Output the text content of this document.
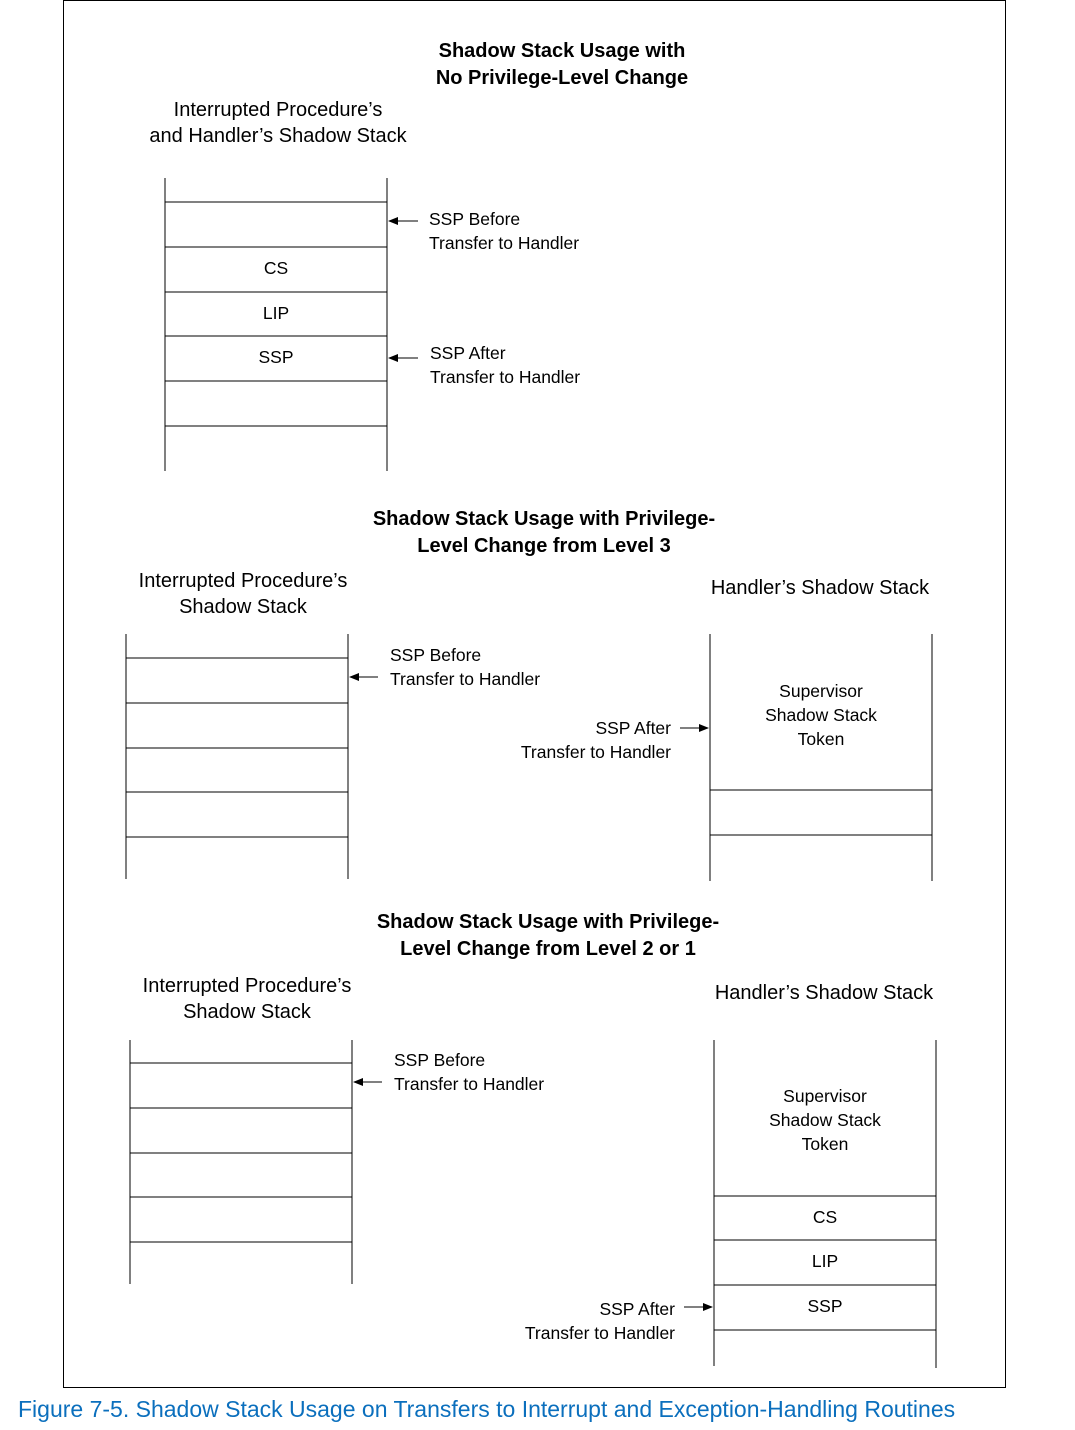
Shadow Stack Usage with
No Privilege-Level Change
Interrupted Procedure’s
and Handler’s Shadow Stack
CS
LIP
SSP
SSP Before
Transfer to Handler
SSP After
Transfer to Handler
Shadow Stack Usage with Privilege-
Level Change from Level 3
Interrupted Procedure’s
Shadow Stack
Handler’s Shadow Stack
SSP Before
Transfer to Handler
SSP After
Transfer to Handler
Supervisor
Shadow Stack
Token
Shadow Stack Usage with Privilege-
Level Change from Level 2 or 1
Interrupted Procedure’s
Shadow Stack
Handler’s Shadow Stack
SSP Before
Transfer to Handler
Supervisor
Shadow Stack
Token
CS
LIP
SSP
SSP After
Transfer to Handler
Figure 7-5. Shadow Stack Usage on Transfers to Interrupt and Exception-Handling Routines
